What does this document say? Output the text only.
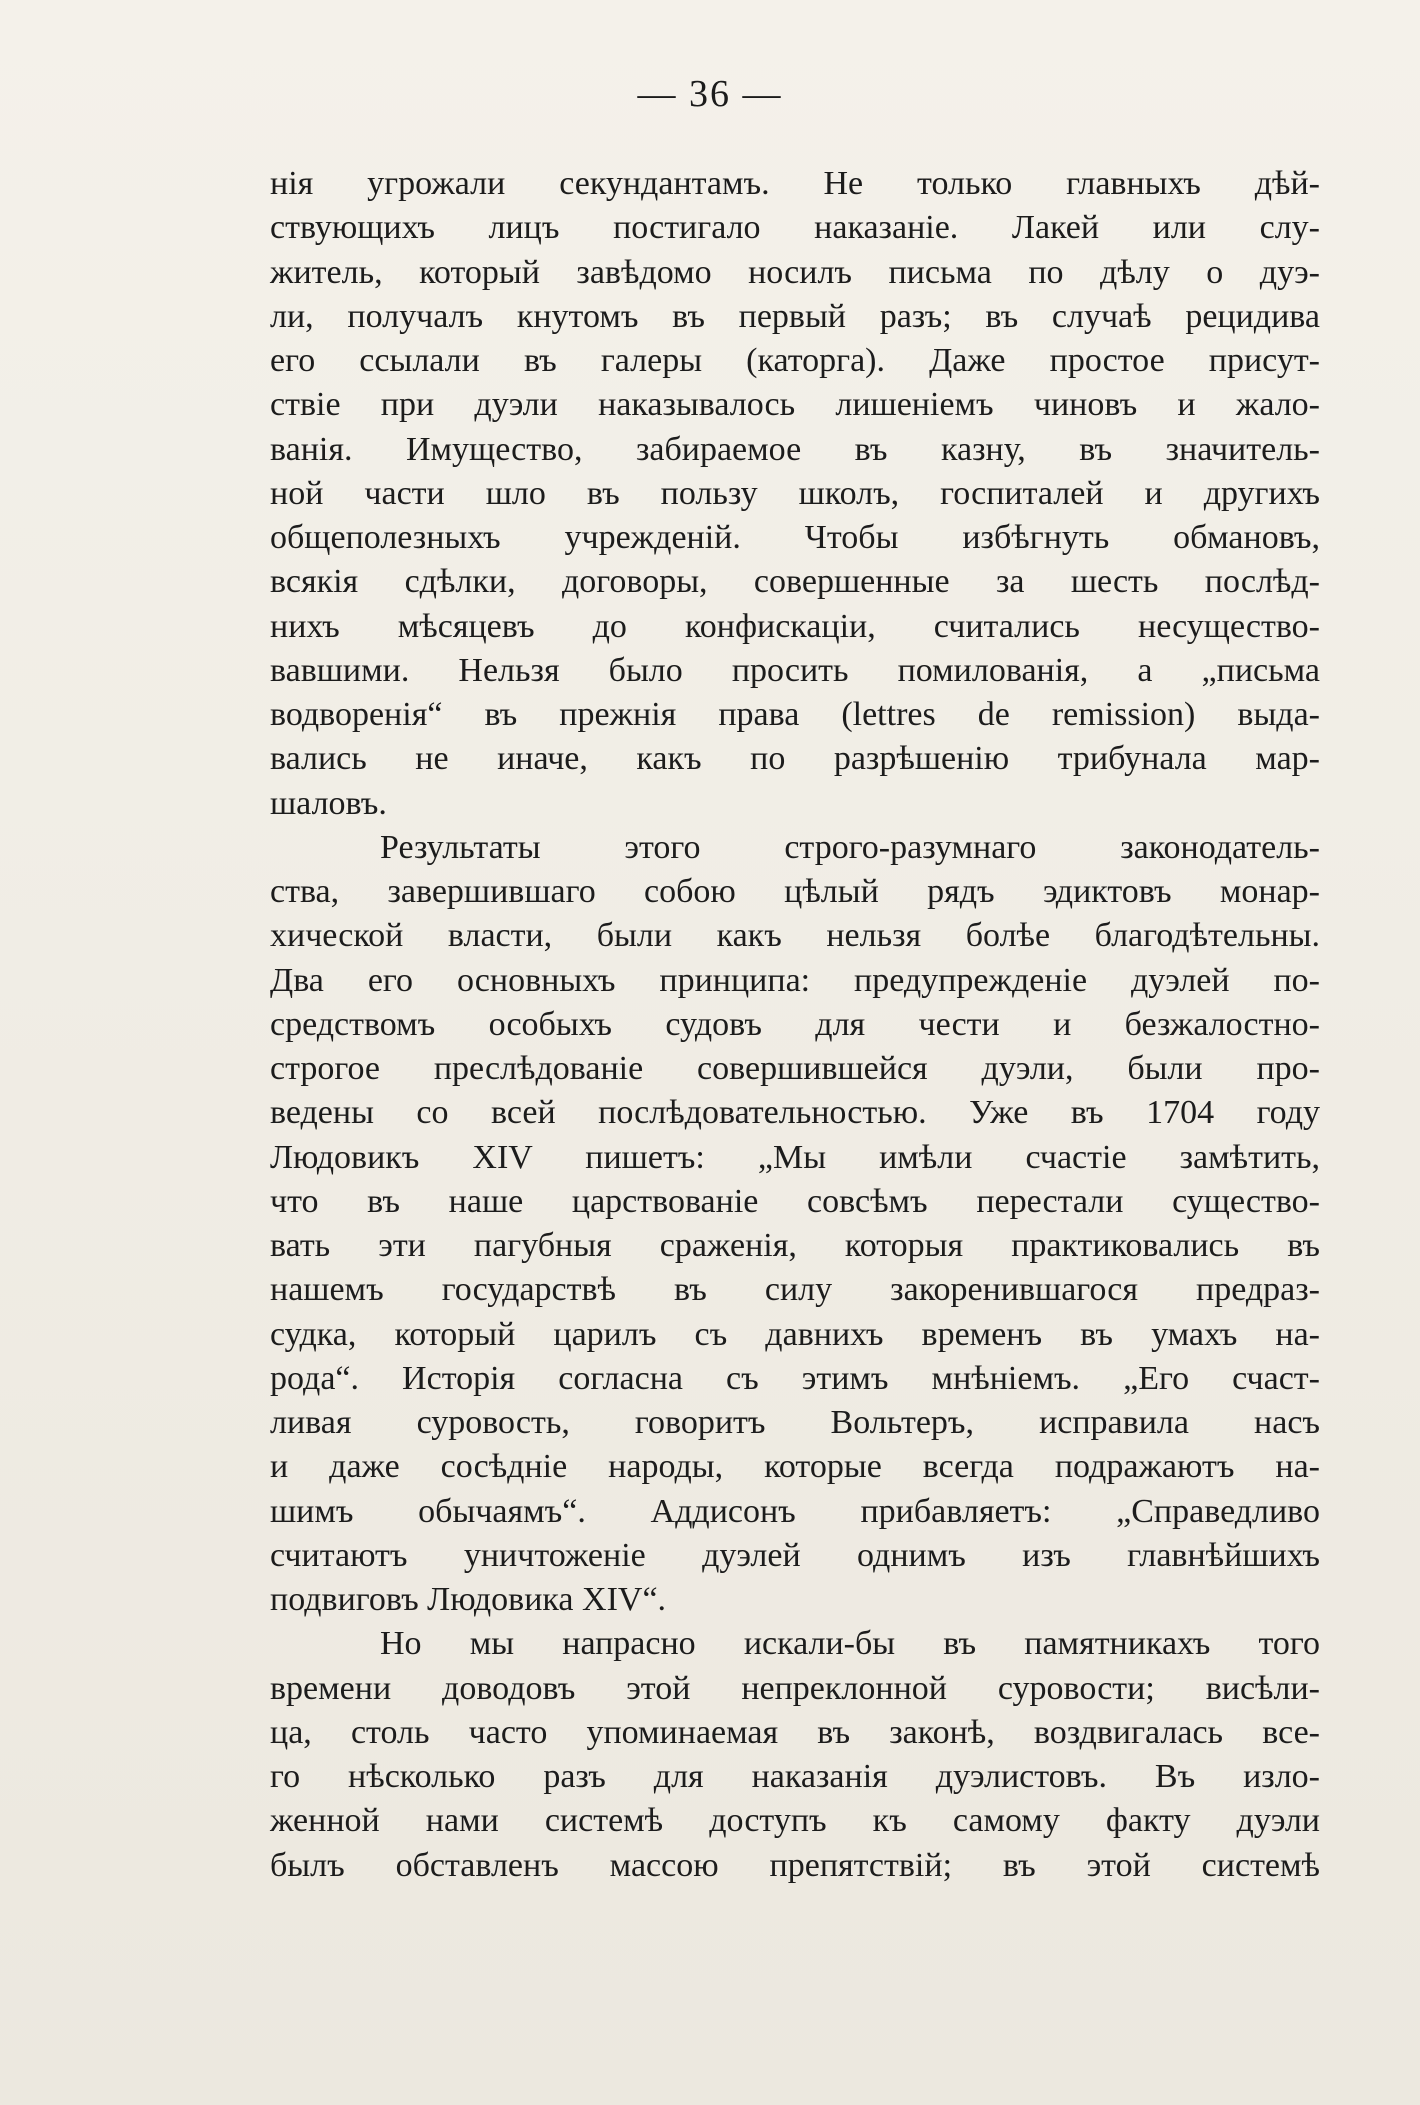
— 36 —
нія угрожали секундантамъ. Не только главныхъ дѣй-
ствующихъ лицъ постигало наказаніе. Лакей или слу-
житель, который завѣдомо носилъ письма по дѣлу о дуэ-
ли, получалъ кнутомъ въ первый разъ; въ случаѣ рецидива
его ссылали въ галеры (каторга). Даже простое присут-
ствіе при дуэли наказывалось лишеніемъ чиновъ и жало-
ванія. Имущество, забираемое въ казну, въ значитель-
ной части шло въ пользу школъ, госпиталей и другихъ
общеполезныхъ учрежденій. Чтобы избѣгнуть обмановъ,
всякія сдѣлки, договоры, совершенные за шесть послѣд-
нихъ мѣсяцевъ до конфискаціи, считались несущество-
вавшими. Нельзя было просить помилованія, а „письма
водворенія“ въ прежнія права (lettres de remission) выда-
вались не иначе, какъ по разрѣшенію трибунала мар-
шаловъ.
Результаты этого строго-разумнаго законодатель-
ства, завершившаго собою цѣлый рядъ эдиктовъ монар-
хической власти, были какъ нельзя болѣе благодѣтельны.
Два его основныхъ принципа: предупрежденіе дуэлей по-
средствомъ особыхъ судовъ для чести и безжалостно-
строгое преслѣдованіе совершившейся дуэли, были про-
ведены со всей послѣдовательностью. Уже въ 1704 году
Людовикъ XIV пишетъ: „Мы имѣли счастіе замѣтить,
что въ наше царствованіе совсѣмъ перестали существо-
вать эти пагубныя сраженія, которыя практиковались въ
нашемъ государствѣ въ силу закоренившагося предраз-
судка, который царилъ съ давнихъ временъ въ умахъ на-
рода“. Исторія согласна съ этимъ мнѣніемъ. „Его счаст-
ливая суровость, говоритъ Вольтеръ, исправила насъ
и даже сосѣдніе народы, которые всегда подражаютъ на-
шимъ обычаямъ“. Аддисонъ прибавляетъ: „Справедливо
считаютъ уничтоженіе дуэлей однимъ изъ главнѣйшихъ
подвиговъ Людовика XIV“.
Но мы напрасно искали-бы въ памятникахъ того
времени доводовъ этой непреклонной суровости; висѣли-
ца, столь часто упоминаемая въ законѣ, воздвигалась все-
го нѣсколько разъ для наказанія дуэлистовъ. Въ изло-
женной нами системѣ доступъ къ самому факту дуэли
былъ обставленъ массою препятствій; въ этой системѣ
